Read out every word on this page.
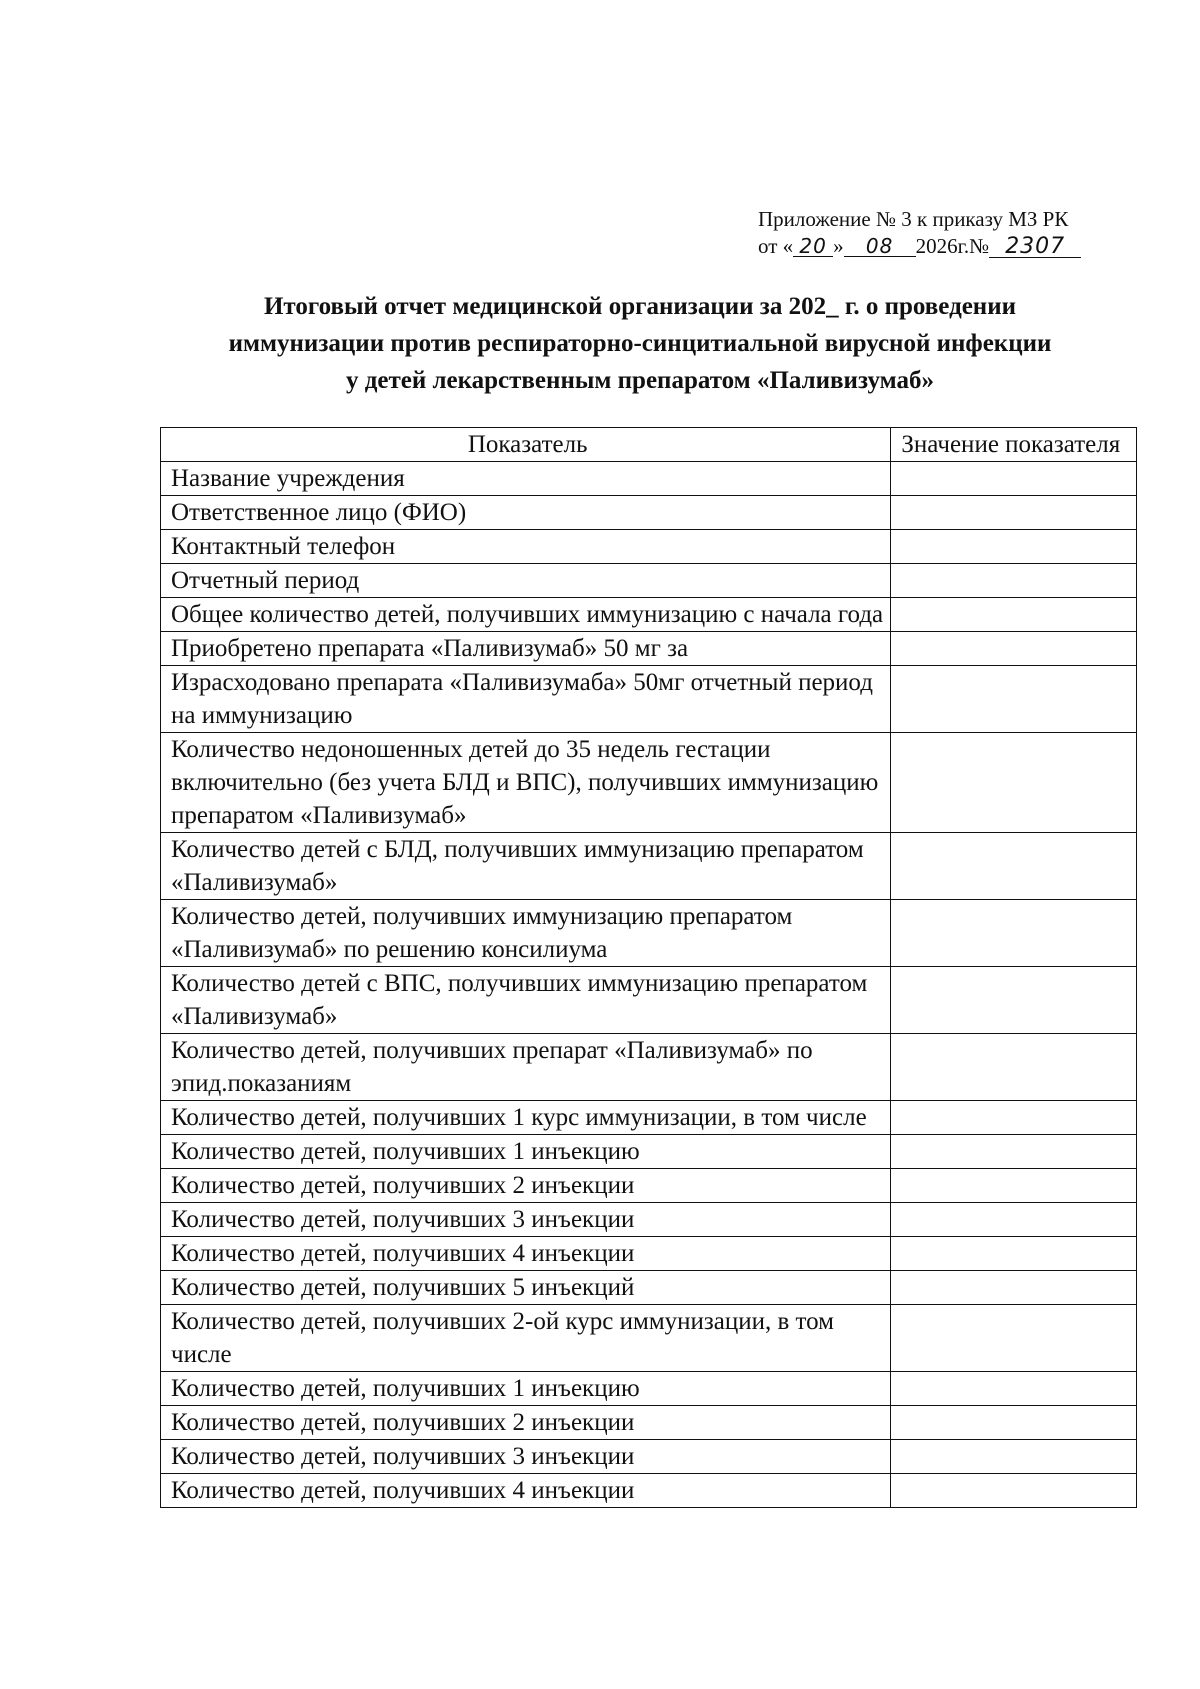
Приложение № 3 к приказу МЗ РК
от « 20 » 08 2026г.№ 2307
Итоговый отчет медицинской организации за 202_ г. о проведении
иммунизации против респираторно-синцитиальной вирусной инфекции
у детей лекарственным препаратом «Паливизумаб»
Показатель	Значение показателя
Название учреждения	
Ответственное лицо (ФИО)	
Контактный телефон	
Отчетный период	
Общее количество детей, получивших иммунизацию с начала года	
Приобретено препарата «Паливизумаб» 50 мг за	
Израсходовано препарата «Паливизумаба» 50мг отчетный период на иммунизацию	
Количество недоношенных детей до 35 недель гестации включительно (без учета БЛД и ВПС), получивших иммунизацию препаратом «Паливизумаб»	
Количество детей с БЛД, получивших иммунизацию препаратом «Паливизумаб»	
Количество детей, получивших иммунизацию препаратом «Паливизумаб» по решению консилиума	
Количество детей с ВПС, получивших иммунизацию препаратом «Паливизумаб»	
Количество детей, получивших препарат «Паливизумаб» по эпид.показаниям	
Количество детей, получивших 1 курс иммунизации, в том числе	
Количество детей, получивших 1 инъекцию	
Количество детей, получивших 2 инъекции	
Количество детей, получивших 3 инъекции	
Количество детей, получивших 4 инъекции	
Количество детей, получивших 5 инъекций	
Количество детей, получивших 2-ой курс иммунизации, в том числе	
Количество детей, получивших 1 инъекцию	
Количество детей, получивших 2 инъекции	
Количество детей, получивших 3 инъекции	
Количество детей, получивших 4 инъекции	
